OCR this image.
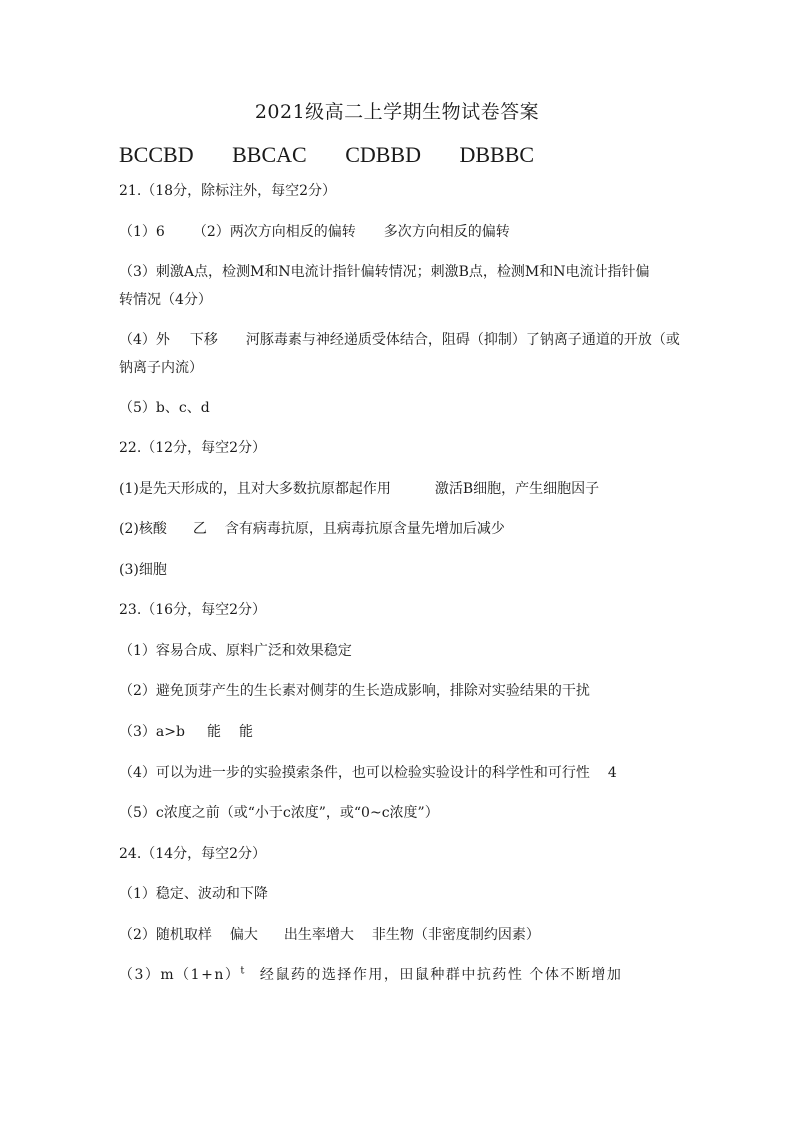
2021级高二上学期生物试卷答案
BCCBD BBCAC CDBBD DBBBC
21.（18分，除标注外，每空2分）
（1）6 （2）两次方向相反的偏转 多次方向相反的偏转
（3）刺激A点，检测M和N电流计指针偏转情况；刺激B点，检测M和N电流计指针偏
转情况（4分）
（4）外 下移 河豚毒素与神经递质受体结合，阻碍（抑制）了钠离子通道的开放（或
钠离子内流）
（5）b、c、d
22.（12分，每空2分）
(1)是先天形成的，且对大多数抗原都起作用	激活B细胞，产生细胞因子
(2)核酸 乙 含有病毒抗原，且病毒抗原含量先增加后减少
(3)细胞
23.（16分，每空2分）
（1）容易合成、原料广泛和效果稳定
（2）避免顶芽产生的生长素对侧芽的生长造成影响，排除对实验结果的干扰
（3）a>b 能 能
（4）可以为进一步的实验摸索条件，也可以检验实验设计的科学性和可行性 4
（5）c浓度之前（或“小于c浓度”，或“0~c浓度”）
24.（14分，每空2分）
（1）稳定、波动和下降
（2）随机取样 偏大 出生率增大 非生物（非密度制约因素）
$(3)m(1+n)^t$ 经鼠药的选择作用，田鼠种群中抗药性 个体不断增加
